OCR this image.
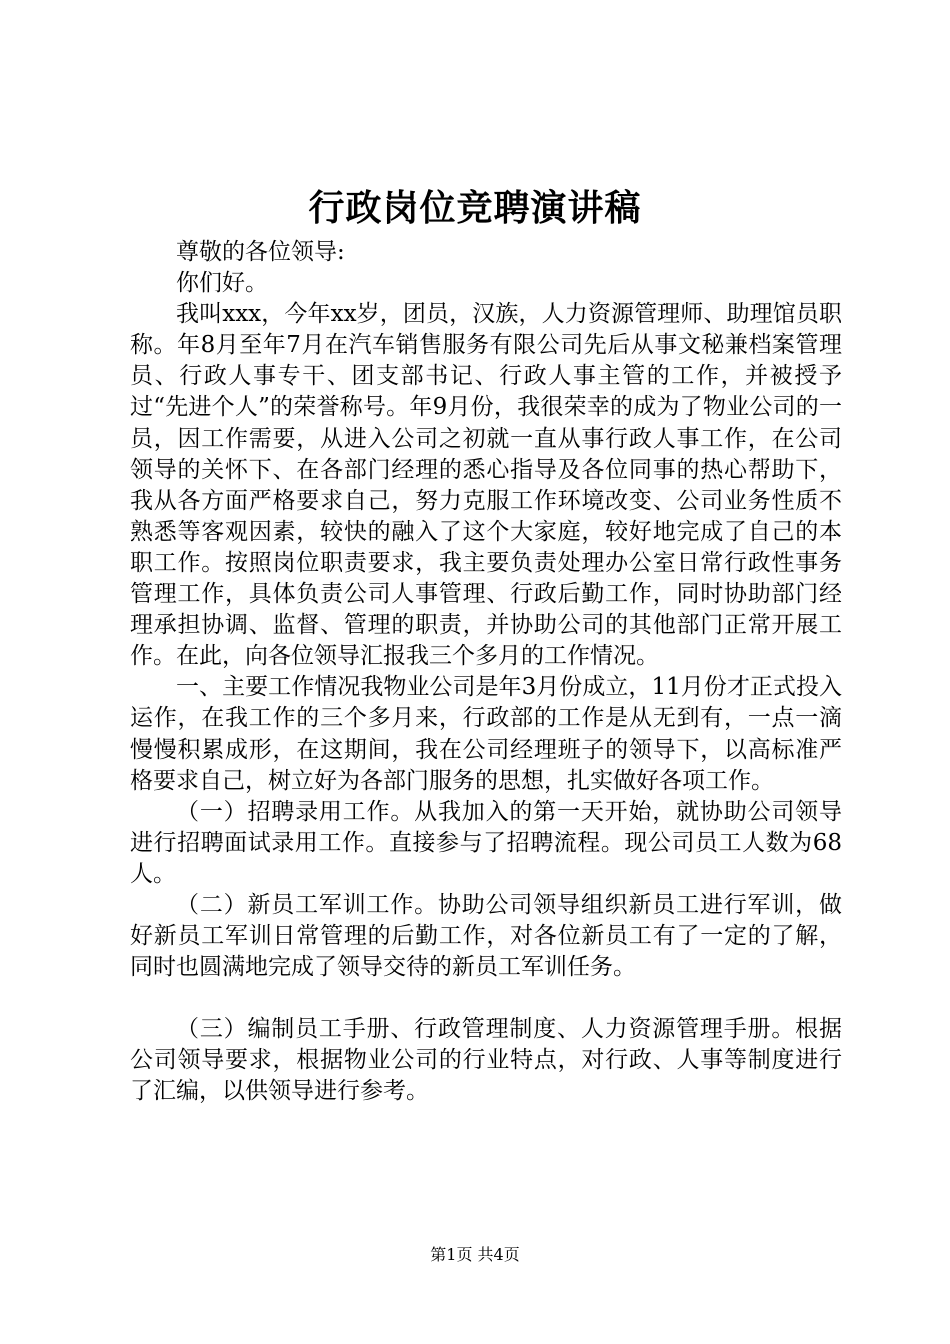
行政岗位竞聘演讲稿

尊敬的各位领导:

你们好。

我叫xxx，今年xx岁，团员，汉族，人力资源管理师、助理馆员职称。年8月至年7月在汽车销售服务有限公司先后从事文秘兼档案管理员、行政人事专干、团支部书记、行政人事主管的工作，并被授予过“先进个人”的荣誉称号。年9月份，我很荣幸的成为了物业公司的一员，因工作需要，从进入公司之初就一直从事行政人事工作，在公司领导的关怀下、在各部门经理的悉心指导及各位同事的热心帮助下，我从各方面严格要求自己，努力克服工作环境改变、公司业务性质不熟悉等客观因素，较快的融入了这个大家庭，较好地完成了自己的本职工作。按照岗位职责要求，我主要负责处理办公室日常行政性事务管理工作，具体负责公司人事管理、行政后勤工作，同时协助部门经理承担协调、监督、管理的职责，并协助公司的其他部门正常开展工作。在此，向各位领导汇报我三个多月的工作情况。

一、主要工作情况我物业公司是年3月份成立，11月份才正式投入运作，在我工作的三个多月来，行政部的工作是从无到有，一点一滴慢慢积累成形，在这期间，我在公司经理班子的领导下，以高标准严格要求自己，树立好为各部门服务的思想，扎实做好各项工作。

（一）招聘录用工作。从我加入的第一天开始，就协助公司领导进行招聘面试录用工作。直接参与了招聘流程。现公司员工人数为68人。

（二）新员工军训工作。协助公司领导组织新员工进行军训，做好新员工军训日常管理的后勤工作，对各位新员工有了一定的了解，同时也圆满地完成了领导交待的新员工军训任务。

（三）编制员工手册、行政管理制度、人力资源管理手册。根据公司领导要求，根据物业公司的行业特点，对行政、人事等制度进行了汇编，以供领导进行参考。

第1页 共4页
